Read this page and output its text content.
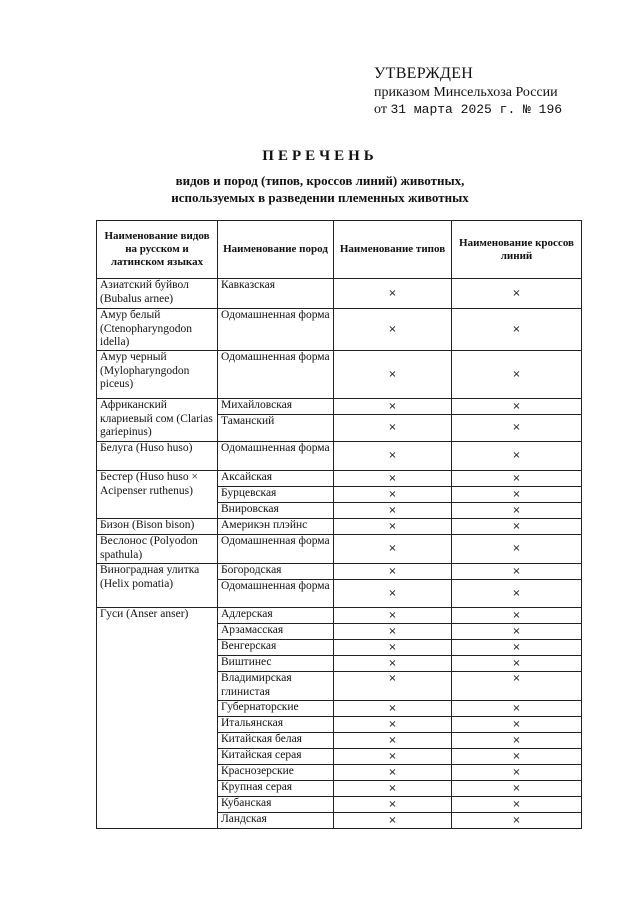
УТВЕРЖДЕН
приказом Минсельхоза России
от 31 марта 2025 г. № 196
ПЕРЕЧЕНЬ
видов и пород (типов, кроссов линий) животных,
используемых в разведении племенных животных
Наименование видов на русском и латинском языках	Наименование пород	Наименование типов	Наименование кроссов линий
Азиатский буйвол (Bubalus arnee)	Кавказская	×	×
Амур белый (Ctenopharyngodon idella)	Одомашненная форма	×	×
Амур черный (Mylopharyngodon piceus)	Одомашненная форма	×	×
Африканский клариевый сом (Clarias gariepinus)	Михайловская	×	×
	Таманский	×	×
Белуга (Huso huso)	Одомашненная форма	×	×
Бестер (Huso huso × Acipenser ruthenus)	Аксайская	×	×
	Бурцевская	×	×
	Внировская	×	×
Бизон (Bison bison)	Америкэн плэйнс	×	×
Веслонос (Polyodon spathula)	Одомашненная форма	×	×
Виноградная улитка (Helix pomatia)	Богородская	×	×
	Одомашненная форма	×	×
Гуси (Anser anser)	Адлерская	×	×
	Арзамасская	×	×
	Венгерская	×	×
	Виштинес	×	×
	Владимирская глинистая	×	×
	Губернаторские	×	×
	Итальянская	×	×
	Китайская белая	×	×
	Китайская серая	×	×
	Краснозерские	×	×
	Крупная серая	×	×
	Кубанская	×	×
	Ландская	×	×
